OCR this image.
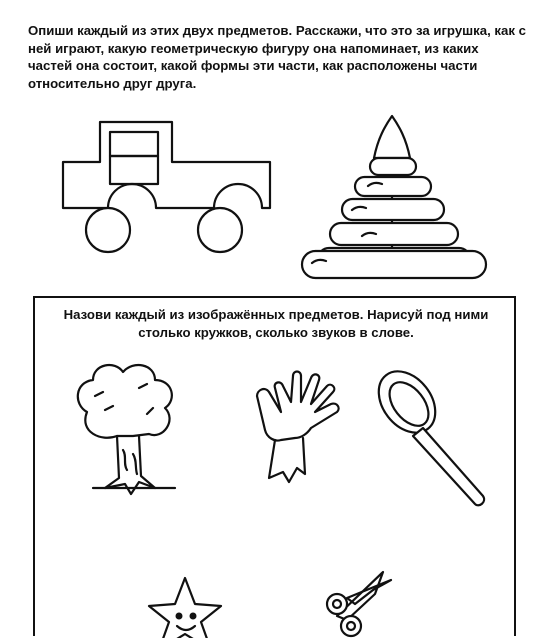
Опиши каждый из этих двух предметов. Расскажи, что это за игрушка, как с ней играют, какую геометрическую фигуру она напоминает, из каких частей она состоит, какой формы эти части, как расположены части относительно друг друга.
Назови каждый из изображённых предметов. Нарисуй под ними столько кружков, сколько звуков в слове.
